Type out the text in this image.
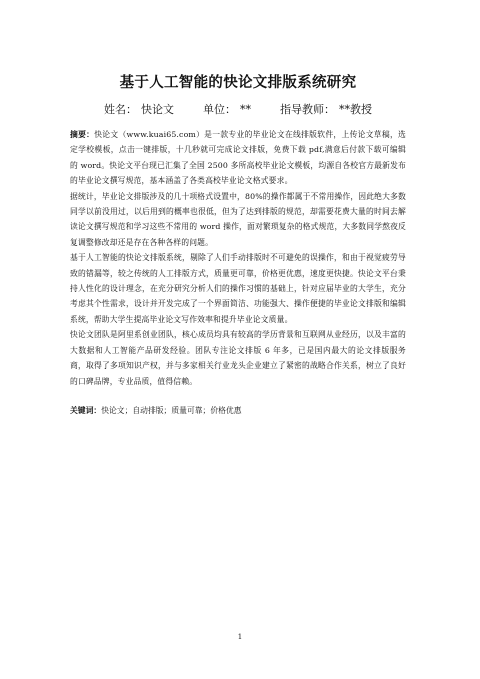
基于人工智能的快论文排版系统研究
姓名： 快论文	单位： **	指导教师： **教授

摘要：快论文（www.kuai65.com）是一款专业的毕业论文在线排版软件，上传论文草稿，选定学校模板，点击一键排版，十几秒就可完成论文排版，免费下载 pdf,满意后付款下载可编辑的 word。快论文平台现已汇集了全国 2500 多所高校毕业论文模板，均源自各校官方最新发布的毕业论文撰写规范，基本涵盖了各类高校毕业论文格式要求。

据统计，毕业论文排版涉及的几十项格式设置中，80%的操作都属于不常用操作，因此绝大多数同学以前没用过，以后用到的概率也很低，但为了达到排版的规范，却需要花费大量的时间去解读论文撰写规范和学习这些不常用的 word 操作，面对繁琐复杂的格式规范，大多数同学熬夜反复调整修改却还是存在各种各样的问题。

基于人工智能的快论文排版系统，剔除了人们手动排版时不可避免的误操作，和由于视觉疲劳导致的错漏等，较之传统的人工排版方式，质量更可靠，价格更优惠，速度更快捷。快论文平台秉持人性化的设计理念，在充分研究分析人们的操作习惯的基础上，针对应届毕业的大学生，充分考虑其个性需求，设计并开发完成了一个界面简洁、功能强大、操作便捷的毕业论文排版和编辑系统，帮助大学生提高毕业论文写作效率和提升毕业论文质量。

快论文团队是阿里系创业团队，核心成员均具有较高的学历背景和互联网从业经历，以及丰富的大数据和人工智能产品研发经验。团队专注论文排版 6 年多，已是国内最大的论文排版服务商，取得了多项知识产权，并与多家相关行业龙头企业建立了紧密的战略合作关系，树立了良好的口碑品牌，专业品质，值得信赖。

关键词：快论文；自动排版；质量可靠；价格优惠
1
